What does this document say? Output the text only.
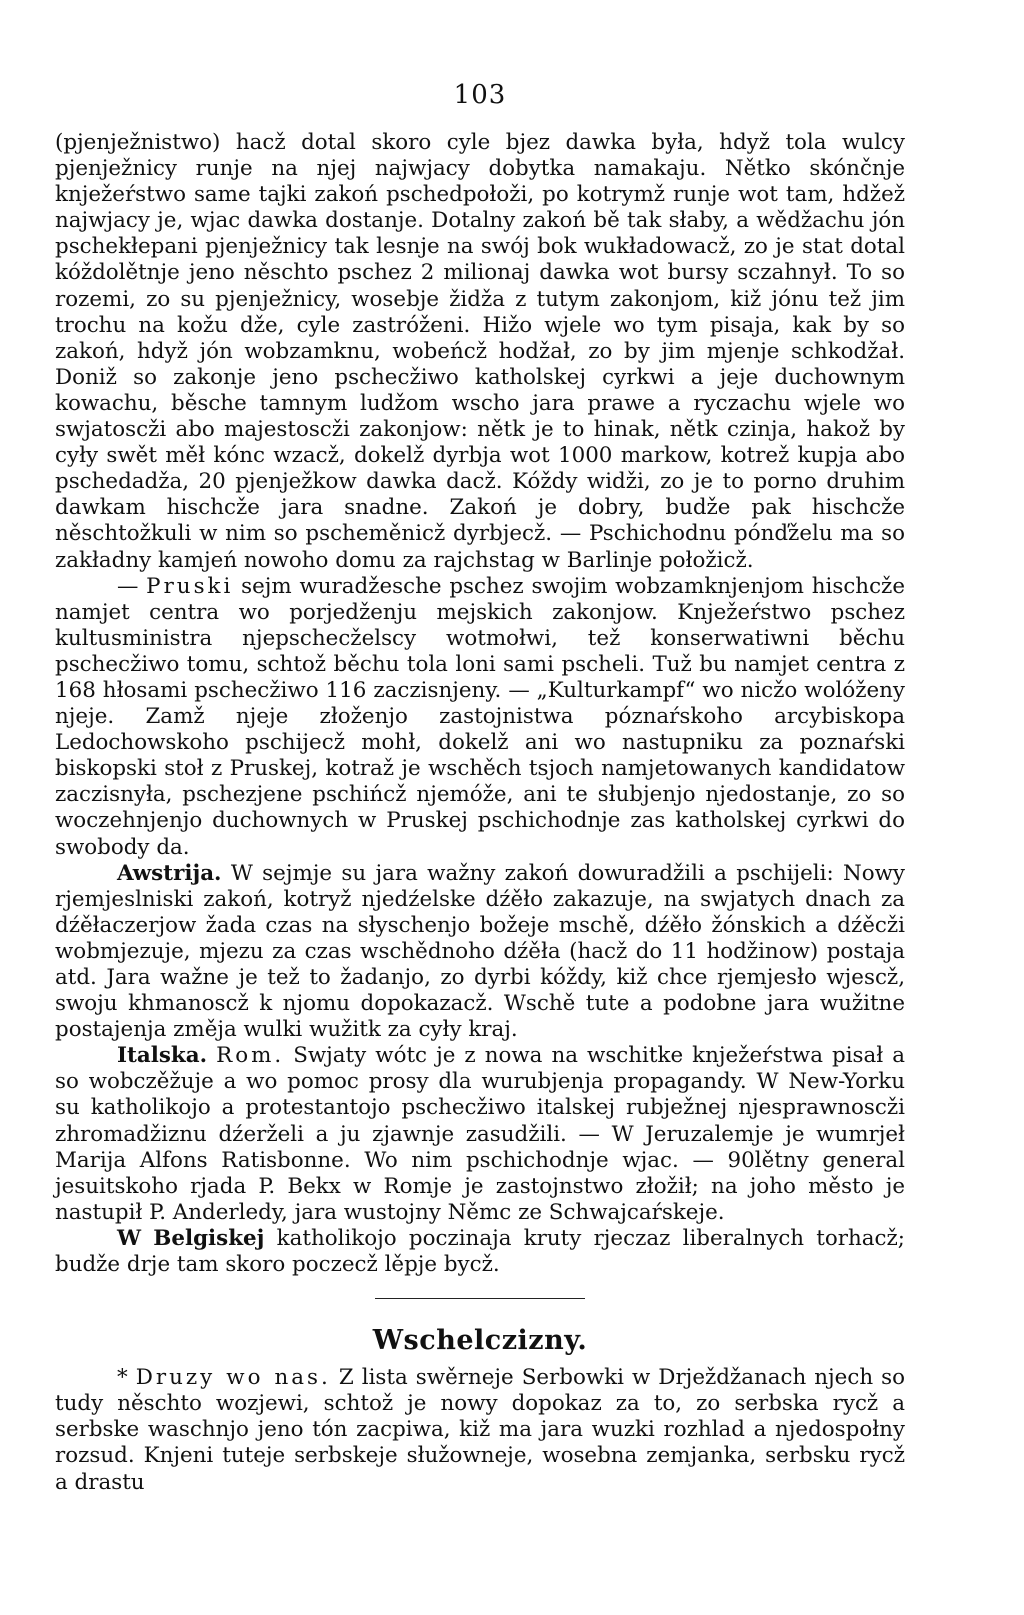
103

(pjenježnistwo) hacž dotal skoro cyle bjez dawka była, hdyž tola wulcy pjenježnicy runje na njej najwjacy dobytka namakaju. Nětko skónčnje knježeŕstwo same tajki zakoń pschedpołoži, po kotrymž runje wot tam, hdžež najwjacy je, wjac dawka dostanje. Dotalny zakoń bě tak słaby, a wědžachu jón pschekłepani pjenježnicy tak lesnje na swój bok wukładowacž, zo je stat dotal kóždolětnje jeno něschto pschez 2 milionaj dawka wot bursy sczahnył. To so rozemi, zo su pjenježnicy, wosebje židža z tutym zakonjom, kiž jónu tež jim trochu na kožu dže, cyle zastróženi. Hižo wjele wo tym pisaja, kak by so zakoń, hdyž jón wobzamknu, wobeńcž hodžał, zo by jim mjenje schkodžał. Doniž so zakonje jeno pschecžiwo katholskej cyrkwi a jeje duchownym kowachu, běsche tamnym ludžom wscho jara prawe a ryczachu wjele wo swjatoscži abo majestoscži zakonjow: nětk je to hinak, nětk czinja, hakož by cyły swět měł kónc wzacž, dokelž dyrbja wot 1000 markow, kotrež kupja abo pschedadža, 20 pjenježkow dawka dacž. Kóždy widži, zo je to porno druhim dawkam hischcže jara snadne. Zakoń je dobry, budže pak hischcže něschtožkuli w nim so pscheměnicž dyrbjecž. — Pschichodnu pónďželu ma so zakładny kamjeń nowoho domu za rajchstag w Barlinje połožicž.

— Pruski sejm wuradžesche pschez swojim wobzamknjenjom hischcže namjet centra wo porjedženju mejskich zakonjow. Knježeŕstwo pschez kultusministra njepschecželscy wotmołwi, tež konserwatiwni běchu pschecžiwo tomu, schtož běchu tola loni sami pscheli. Tuž bu namjet centra z 168 hłosami pschecžiwo 116 zaczisnjeny. — „Kulturkampf“ wo nicžo wolóženy njeje. Zamž njeje złoženjo zastojnistwa póznaŕskoho arcybiskopa Ledochowskoho pschijecž mohł, dokelž ani wo nastupniku za poznaŕski biskopski stoł z Pruskej, kotraž je wschěch tsjoch namjetowanych kandidatow zaczisnyła, pschezjene pschińcž njemóže, ani te słubjenjo njedostanje, zo so woczehnjenjo duchownych w Pruskej pschichodnje zas katholskej cyrkwi do swobody da.

Awstrija. W sejmje su jara wažny zakoń dowuradžili a pschijeli: Nowy rjemjeslniski zakoń, kotryž njedźelske dźěło zakazuje, na swjatych dnach za dźěłaczerjow žada czas na słyschenjo božeje mschě, dźěło žónskich a dźěcži wobmjezuje, mjezu za czas wschědnoho dźěła (hacž do 11 hodžinow) postaja atd. Jara wažne je tež to žadanjo, zo dyrbi kóždy, kiž chce rjemjesło wjescž, swoju khmanoscž k njomu dopokazacž. Wschě tute a podobne jara wužitne postajenja změjа wulki wužitk za cyły kraj.

Italska. Rom. Swjaty wótc je z nowa na wschitke knježeŕstwa pisał a so wobczěžuje a wo pomoc prosy dla wurubjenja propagandy. W New-Yorku su katholikojo a protestantojo pschecžiwo italskej rubježnej njesprawnoscži zhromadžiznu dźerželi a ju zjawnje zasudžili. — W Jeruzalemje je wumrjeł Marija Alfons Ratisbonne. Wo nim pschichodnje wjac. — 90lětny general jesuitskoho rjada P. Bekx w Romje je zastojnstwo złožił; na joho město je nastupił P. Anderledy, jara wustojny Němc ze Schwajcaŕskeje.

W Belgiskej katholikojo poczinaja kruty rjeczaz liberalnych torhacž; budže drje tam skoro poczecž lěpje bycž.

Wschelczizny.

* Druzy wo nas. Z lista swěrneje Serbowki w Drježdžanach njech so tudy něschto wozjewi, schtož je nowy dopokaz za to, zo serbska rycž a serbske waschnjo jeno tón zacpiwa, kiž ma jara wuzki rozhlad a njedospołny rozsud. Knjeni tuteje serbskeje słužowneje, wosebna zemjanka, serbsku rycž a drastu
